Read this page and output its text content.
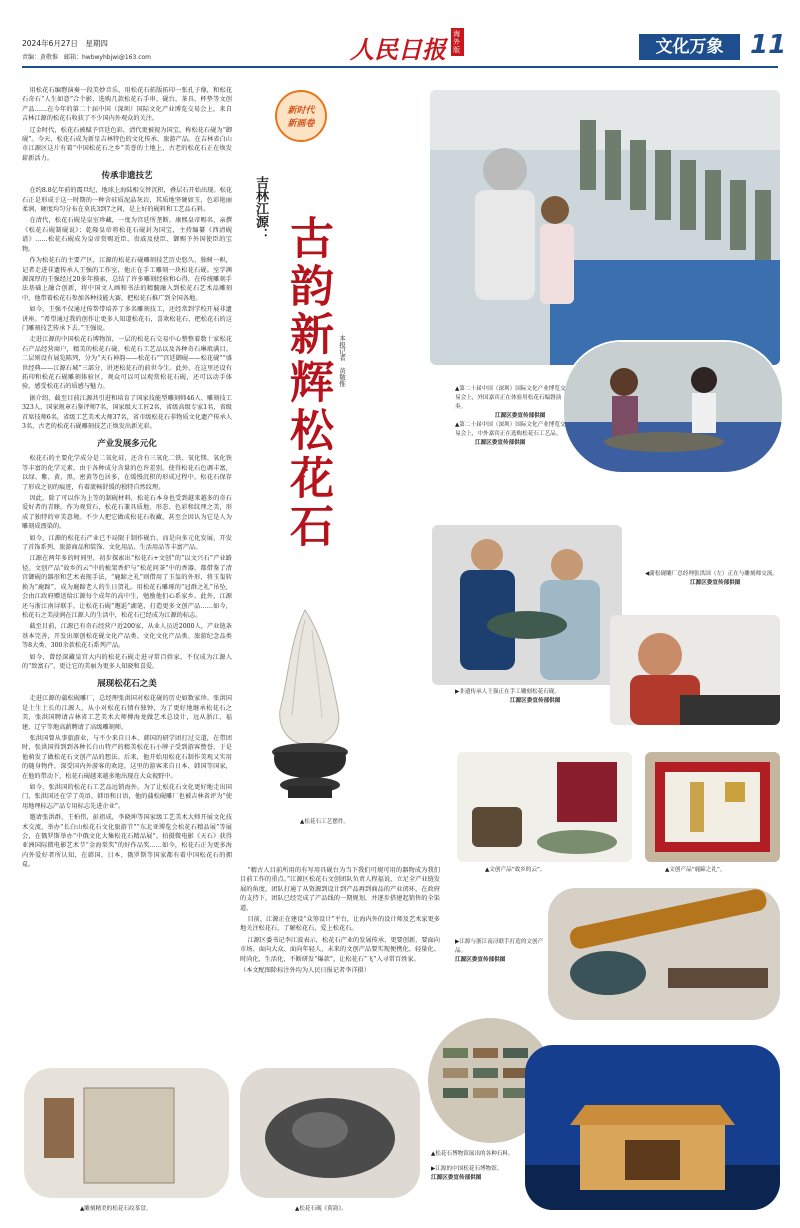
2024年6月27日　星期四
责编：黄敬惟　邮箱：hwbwyhbjwi@163.com	人民日报 海外版	文化万象	11

用松花石编磬演奏一段美妙音乐，用松花石拓版拓印一张孔子像，和松花石奇石“人生如意”合个影，选购几款松花石手串、砚台、茶具、杯垫等文创产品……在今年的第二十届中国（深圳）国际文化产业博览交易会上，来自吉林江源的松花石收获了不少国内外观众的关注。

辽金时代，松花石被赋予宫廷色彩，清代更被视为国宝，称松花石砚为“御砚”。今天，松花石成为新星吉林特色的文化传承、旅游产品。在吉林省白山市江源区这片有着“中国松花石之乡”美誉的土地上，古老的松花石正在焕发崭新活力。

传承非遗技艺

在约8.8亿年前的震旦纪，地球上海陆相交替沉积，叠层石开始出现。松花石正是形成于这一时期的一种含硅质泥晶灰岩，其质地坚硬如玉，色彩艳丽柔润，硬度均匀分布在莫氏3到7之间，是上好的砚料和工艺品石料。

在清代，松花石砚是皇室珍藏，一度为宫廷所垄断。康熙皇帝赐名、亲撰《松花石砚制砚说》；乾隆皇帝将松花石砚封为国宝，主持编纂《西清砚谱》……松花石砚成为皇帝赏赐近臣、贵戚及使臣、御赐予外国使臣的宝物。

作为松花石的主要产区，江源的松花石砚雕刻技艺历史悠久、独树一帜，记者走进非遗传承人王强的工作室，他正在手工雕刻一块松花石砚。室学渊源深厚的王强经过20多年摸索，总结了许多雕刻经验和心得，在传统雕刻手法基础上融合创新，将中国文人画和书法的精髓融入到松花石艺术品雕刻中，他带着松花石参加各种技能大赛，把松花石推广到全国各地。

如今，王强不仅通过传帮带培养了多名雕刻技工，还经常到学校开展非遗讲座。“希望通过我的创作让更多人知道松花石，喜欢松花石，把松花石的这门雕刻技艺传承下去。”王强说。

走进江源的中国松花石博物馆，一层的松花石交易中心整整着数十家松花石产品经营商户，精美的松花石砚、松花石工艺品以及各种奇石琳琅满目。二层则设有展览陈列，分为“天石神韵——松花石”“宫廷御砚——松花砚”“盛世经典——江源石城”三部分，讲述松花石的前世今生。此外，在这里还设有拓印和松花石砚雕刻体验区，观众可以可以观赏松花石砚，还可以动手体验，感受松花石的质感与魅力。

据介绍，截至目前江源共引进和培育了国家技能型雕刻师46人、雕刻技工323人、国家规章石鉴评师7名，国家级大工匠2名，省级高级专家1名，省级首席技师6名，省级工艺美术大师37名，省市级松花石非物质文化遗产传承人3名，古老的松花石砚雕刻技艺正焕发出新光彩。

产业发展多元化

松花石的主要化学成分是二氧化硅，还含有三氧化二铁、氧化镁、氧化铁等丰富的化学元素，由于各种成分含量的色许差别，使得松花石色调丰富，以绿、紫、黄、黑、密黄等色居多，在缓慢沉积的形成过程中，松花石保存了形成之初的痕迹，有着流畅舒缓的独特自然纹理。

因此，除了可以作为上等的制砚材料，松花石本身也受到越来越多的奇石爱好者的青睐。作为观赏石，松花石兼具质地、形态、色彩和纹理之美，形成了独特的审美意境。不少人把它做成松花石收藏，甚至会因认为它是人为雕刻成漂染的。

如今，江源的松花石产业已不局限于制作砚台，而是向多元化发展，开发了首饰系列、旅游商品和装饰、文化用品、生活用品等丰富产品。

江源在两年多的时间里，初步探索出“松花石+文创”的“以文兴石”产业路径。文创产品“故乡的云”中的梳架香炉与“松花问茶”中的香器，都借鉴了清宫御砚的器形和艺术表现手法，“鹿蹄之礼”则借用了玉玺的外形，将玉玺转换为“鹿蹄”，成为鹿蹄老人的生日贺礼。用松花石雕琢的“冠群之礼”吊坠，会由江政府赠送给江源每个成年的高中生，勉励他们心系家乡。此外，江源还与浙江南浔联手，让松花石砚“邂逅”湖笔，打造更多文创产品……如今，松花石之美浸润在江源人的生活中，松花石已经成为江源的标志。

截至目前，江源已有奇石经营户近200家，从业人员近2000人，产业链条基本完善，开发出原创松花砚文化产品类、文化文化产品类、旅游纪念品类等8大类、300余款松花石系列产品。

如今，曾经深藏皇宫大内的松花石砚走进寻常百姓家，不仅成为江源人的“致富石”，更让它的美丽为更多人知晓和喜爱。

展现松花石之美

走进江源的蒲松砚雕厂，总经理张洪国对松花砚的历史如数家珍。张洪国是土生土长的江源人，从小对松花石情有独钟，为了更好地继承松花石之美，张洪国聘请吉林省工艺美术大师傅海龙做艺术总设计，远从浙江、福建、辽宁等地高薪聘请了高级雕刻师。

张洪国曾从事旅游业，与不少来自日本、韩国的研学团打过交道，在带团时，张洪国得到到各种长白山特产的精美松花石小牌子受到游客赞誉，于是他萌发了做松花石文创产品的想法。后来，他开始用松花石制作美观又实用的随身物件，深受国内外游客的欢迎，这里的游客来自日本、韩国等国家，在他的带动下，松花石砚越来越多地出现在大众视野中。

如今，张洪国的松花石工艺品远销海外。为了让松花石文化更好地走出国门，张洪国还在学了英语，韩语和日语，他的蒲松砚雕厂也被吉林省评为“使用地理标志产品专用标志先进企业”。

邀请张洪群，王柏伟，彭祖成，李晓坤等国家级工艺美术大师开展文化技术交流，举办“长白山松花石文化旅游节”“东北亚博览会松花石精品展”等展会，在俄罗斯举办“中俄文化大集松花石精品展”。拍摄微电影《天石》获得亚洲国际微电影艺术节“金海棠奖”的好作品奖……如今，松花石正为更多海内外爱好者所认知，在韩国、日本、俄罗斯等国家都有着中国松花石的拥趸。

新时代
新画卷
吉林江源：
古韵新辉松花石 本报记者　黄敬惟
▲松花石工艺摆件。
▲第二十届中国（深圳）国际文化产业博览交易会上，外国嘉宾正在体验用松花石编磬演奏。
江源区委宣传部供图
▲第二十届中国（深圳）国际文化产业博览交易会上，中外嘉宾正在选购松花石工艺品。
江源区委宣传部供图
◀蒲松砚雕厂总经理张洪国（左）正在与雕刻师交流。
江源区委宣传部供图
▶非遗传承人王强正在手工雕刻松花石砚。
江源区委宣传部供图
▲文创产品“故乡的云”。	▲文创产品“鹿蹄之礼”。
▶江源与浙江南浔联手打造的文创产品。
江源区委宣传部供图
▲松花石博物馆展出的各种石料。
▶江源的中国松花石博物馆。
江源区委宣传部供图

“精古人目前所用的有写用具砚台为当下我们可规可用的器物成为我们目前工作的重点。”江源区松花石文创团队负责人程福说，立足全产业链发展的角度，团队打通了从资源到设计到产品再到商品的产业闭环，在政府的支持下，团队已经完成了产品线的一期规划，并逐步搭建起销售的全渠道。

目前，江源正在建设“众筹设计”平台，让海内外的设计师及艺术家更多地关注松花石，了解松花石，爱上松花石。

江源区委书记李江波表示，松花石产业的发展传承、更要创新，要面向市场、面向大众、面向年轻人，未来的文创产品要实现便携化、轻量化、时尚化、生活化，不断研发“爆款”，让松花石“飞”入寻常百姓家。

（本文配图除标注外均为人民日报记者李洋摄）

▲雕刻精美的松花石纹茶盘。	▲松花石砚《荷韵》。
